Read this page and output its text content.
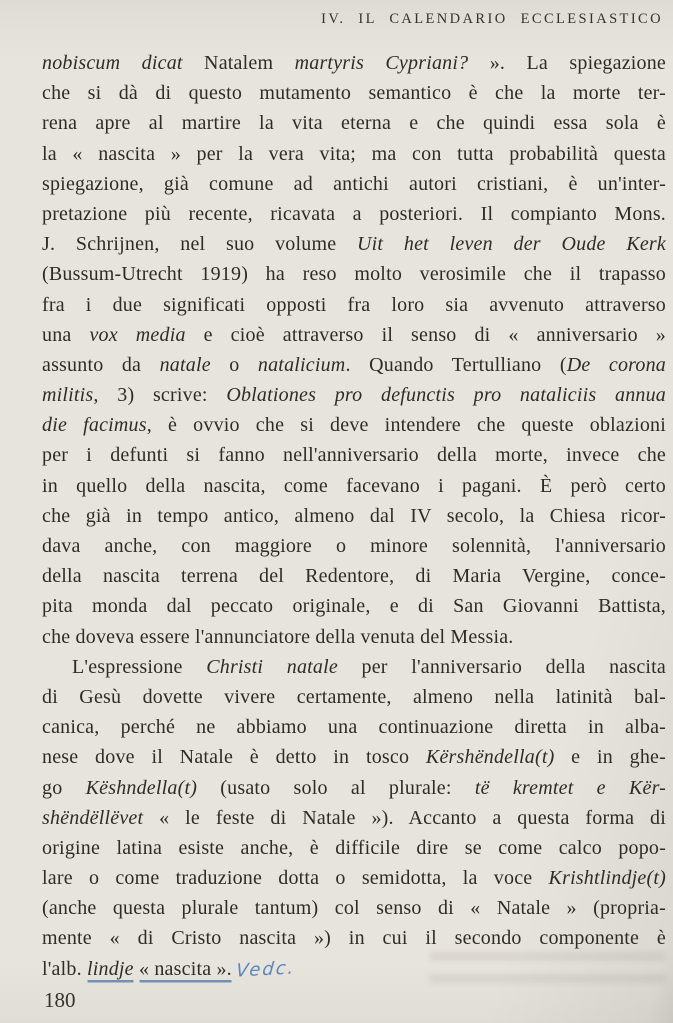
IV. IL CALENDARIO ECCLESIASTICO
nobiscum dicat Natalem martyris Cypriani? ». La spiegazione
che si dà di questo mutamento semantico è che la morte ter-
rena apre al martire la vita eterna e che quindi essa sola è
la « nascita » per la vera vita; ma con tutta probabilità questa
spiegazione, già comune ad antichi autori cristiani, è un'inter-
pretazione più recente, ricavata a posteriori. Il compianto Mons.
J. Schrijnen, nel suo volume Uit het leven der Oude Kerk
(Bussum-Utrecht 1919) ha reso molto verosimile che il trapasso
fra i due significati opposti fra loro sia avvenuto attraverso
una vox media e cioè attraverso il senso di « anniversario »
assunto da natale o natalicium. Quando Tertulliano (De corona
militis, 3) scrive: Oblationes pro defunctis pro nataliciis annua
die facimus, è ovvio che si deve intendere che queste oblazioni
per i defunti si fanno nell'anniversario della morte, invece che
in quello della nascita, come facevano i pagani. È però certo
che già in tempo antico, almeno dal IV secolo, la Chiesa ricor-
dava anche, con maggiore o minore solennità, l'anniversario
della nascita terrena del Redentore, di Maria Vergine, conce-
pita monda dal peccato originale, e di San Giovanni Battista,
che doveva essere l'annunciatore della venuta del Messia.
L'espressione Christi natale per l'anniversario della nascita
di Gesù dovette vivere certamente, almeno nella latinità bal-
canica, perché ne abbiamo una continuazione diretta in alba-
nese dove il Natale è detto in tosco Kërshëndella(t) e in ghe-
go Këshndella(t) (usato solo al plurale: të kremtet e Kër-
shëndëllëvet « le feste di Natale »). Accanto a questa forma di
origine latina esiste anche, è difficile dire se come calco popo-
lare o come traduzione dotta o semidotta, la voce Krishtlindje(t)
(anche questa plurale tantum) col senso di « Natale » (propria-
mente « di Cristo nascita ») in cui il secondo componente è
l'alb. lindje « nascita ». Vedc.
180
